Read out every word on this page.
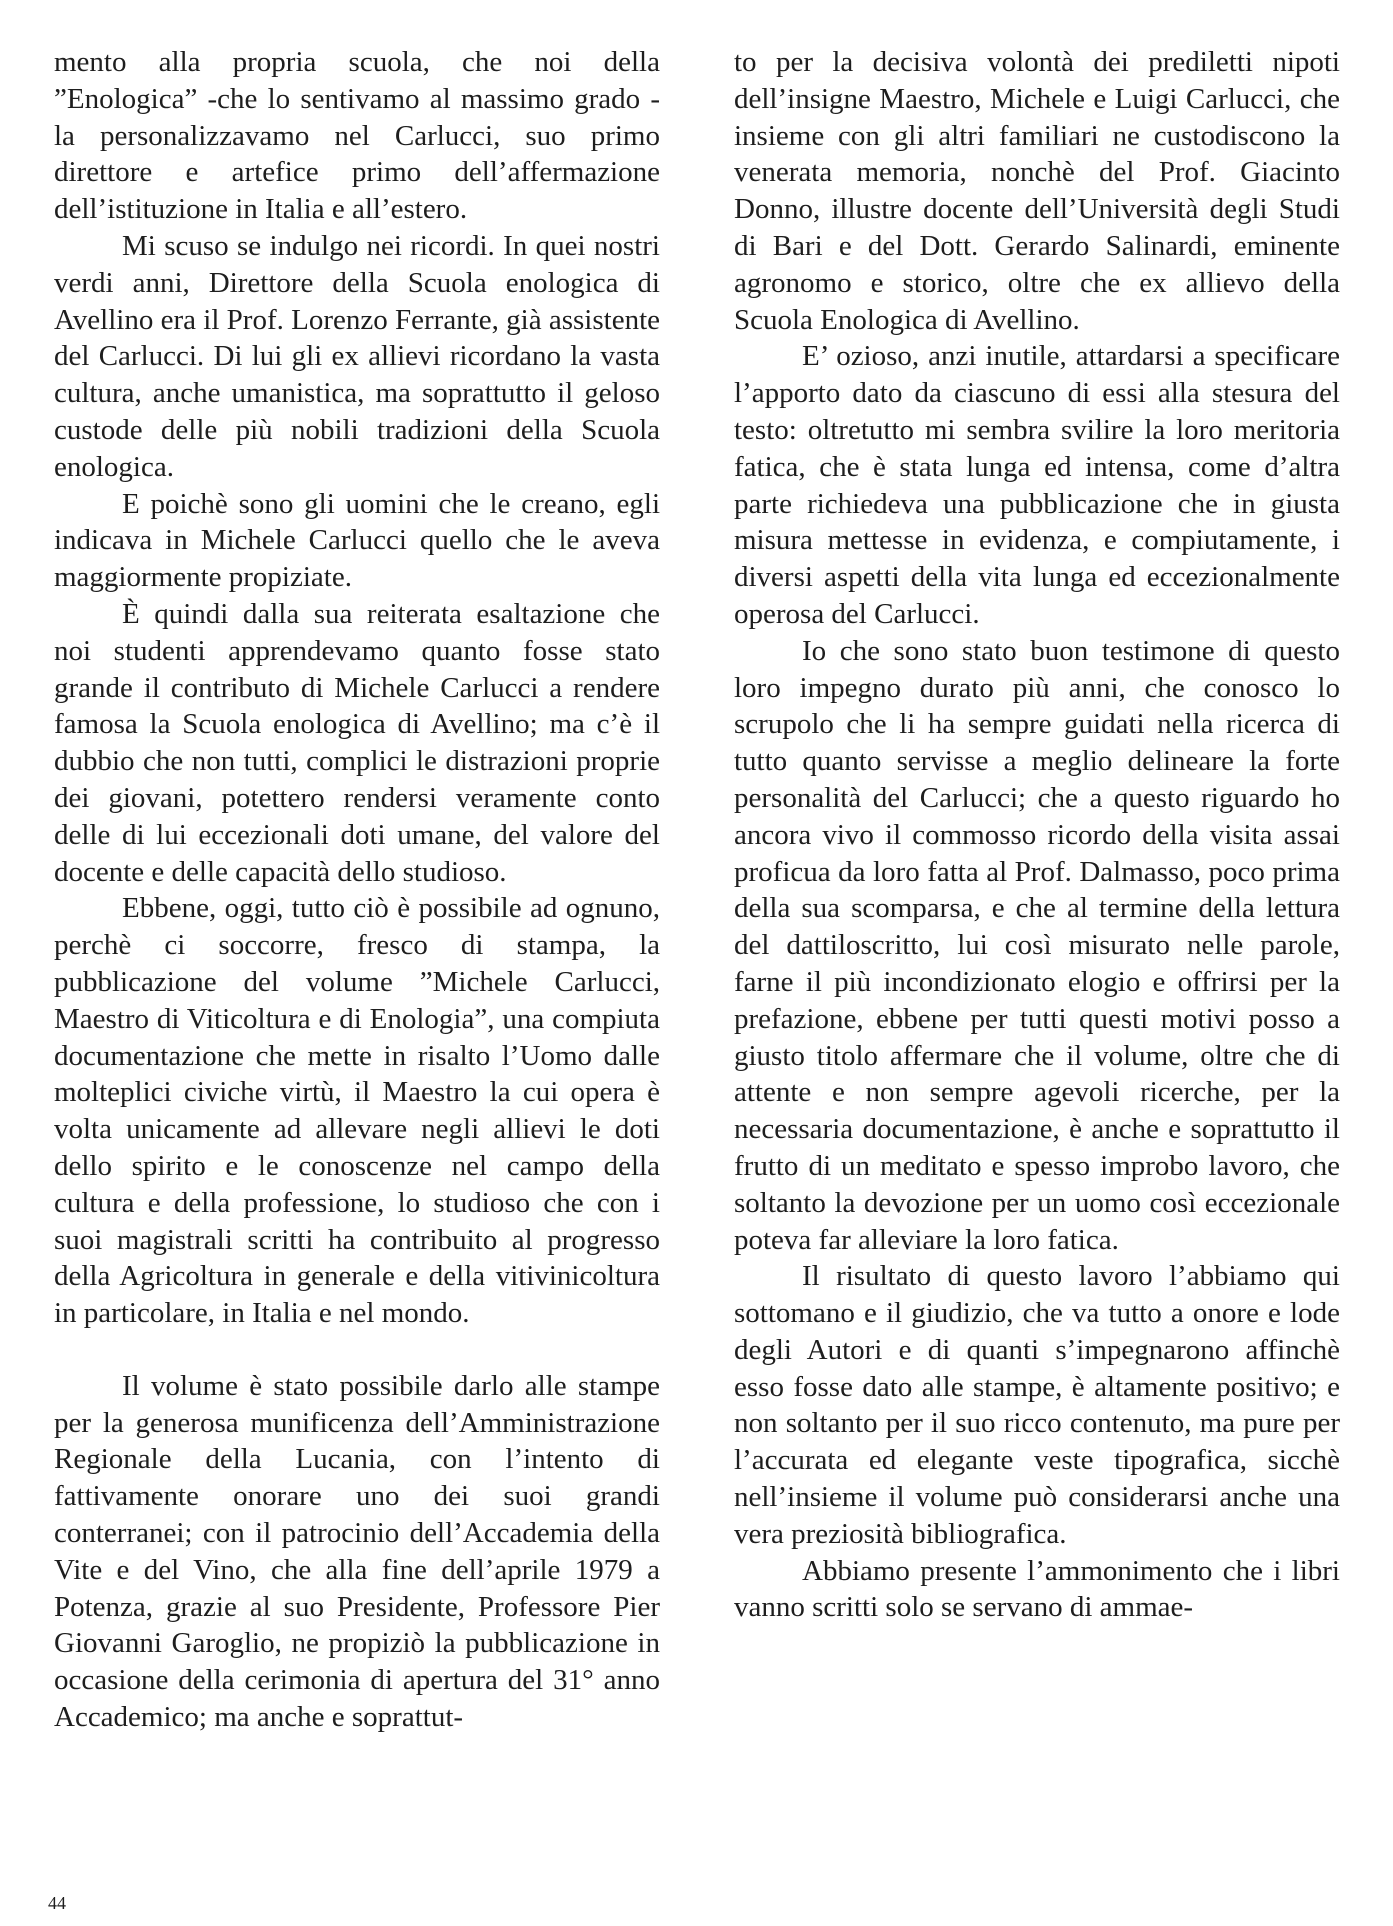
mento alla propria scuola, che noi della ”Enologica” -che lo sentivamo al massimo grado -la personalizzavamo nel Carlucci, suo primo direttore e artefice primo dell’affermazione dell’istituzione in Italia e all’estero.

Mi scuso se indulgo nei ricordi. In quei nostri verdi anni, Direttore della Scuola enologica di Avellino era il Prof. Lorenzo Ferrante, già assistente del Carlucci. Di lui gli ex allievi ricordano la vasta cultura, anche umanistica, ma soprattutto il geloso custode delle più nobili tradizioni della Scuola enologica.

E poichè sono gli uomini che le creano, egli indicava in Michele Carlucci quello che le aveva maggiormente propiziate.

È quindi dalla sua reiterata esaltazione che noi studenti apprendevamo quanto fosse stato grande il contributo di Michele Carlucci a rendere famosa la Scuola enologica di Avellino; ma c’è il dubbio che non tutti, complici le distrazioni proprie dei giovani, potettero rendersi veramente conto delle di lui eccezionali doti umane, del valore del docente e delle capacità dello studioso.

Ebbene, oggi, tutto ciò è possibile ad ognuno, perchè ci soccorre, fresco di stampa, la pubblicazione del volume ”Michele Carlucci, Maestro di Viticoltura e di Enologia”, una compiuta documentazione che mette in risalto l’Uomo dalle molteplici civiche virtù, il Maestro la cui opera è volta unicamente ad allevare negli allievi le doti dello spirito e le conoscenze nel campo della cultura e della professione, lo studioso che con i suoi magistrali scritti ha contribuito al progresso della Agricoltura in generale e della vitivinicoltura in particolare, in Italia e nel mondo.

Il volume è stato possibile darlo alle stampe per la generosa munificenza dell’Amministrazione Regionale della Lucania, con l’intento di fattivamente onorare uno dei suoi grandi conterranei; con il patrocinio dell’Accademia della Vite e del Vino, che alla fine dell’aprile 1979 a Potenza, grazie al suo Presidente, Professore Pier Giovanni Garoglio, ne propiziò la pubblicazione in occasione della cerimonia di apertura del 31° anno Accademico; ma anche e soprattut-

to per la decisiva volontà dei prediletti nipoti dell’insigne Maestro, Michele e Luigi Carlucci, che insieme con gli altri familiari ne custodiscono la venerata memoria, nonchè del Prof. Giacinto Donno, illustre docente dell’Università degli Studi di Bari e del Dott. Gerardo Salinardi, eminente agronomo e storico, oltre che ex allievo della Scuola Enologica di Avellino.

E’ ozioso, anzi inutile, attardarsi a specificare l’apporto dato da ciascuno di essi alla stesura del testo: oltretutto mi sembra svilire la loro meritoria fatica, che è stata lunga ed intensa, come d’altra parte richiedeva una pubblicazione che in giusta misura mettesse in evidenza, e compiutamente, i diversi aspetti della vita lunga ed eccezionalmente operosa del Carlucci.

Io che sono stato buon testimone di questo loro impegno durato più anni, che conosco lo scrupolo che li ha sempre guidati nella ricerca di tutto quanto servisse a meglio delineare la forte personalità del Carlucci; che a questo riguardo ho ancora vivo il commosso ricordo della visita assai proficua da loro fatta al Prof. Dalmasso, poco prima della sua scomparsa, e che al termine della lettura del dattiloscritto, lui così misurato nelle parole, farne il più incondizionato elogio e offrirsi per la prefazione, ebbene per tutti questi motivi posso a giusto titolo affermare che il volume, oltre che di attente e non sempre agevoli ricerche, per la necessaria documentazione, è anche e soprattutto il frutto di un meditato e spesso improbo lavoro, che soltanto la devozione per un uomo così eccezionale poteva far alleviare la loro fatica.

Il risultato di questo lavoro l’abbiamo qui sottomano e il giudizio, che va tutto a onore e lode degli Autori e di quanti s’impegnarono affinchè esso fosse dato alle stampe, è altamente positivo; e non soltanto per il suo ricco contenuto, ma pure per l’accurata ed elegante veste tipografica, sicchè nell’insieme il volume può considerarsi anche una vera preziosità bibliografica.

Abbiamo presente l’ammonimento che i libri vanno scritti solo se servano di ammae-

44
